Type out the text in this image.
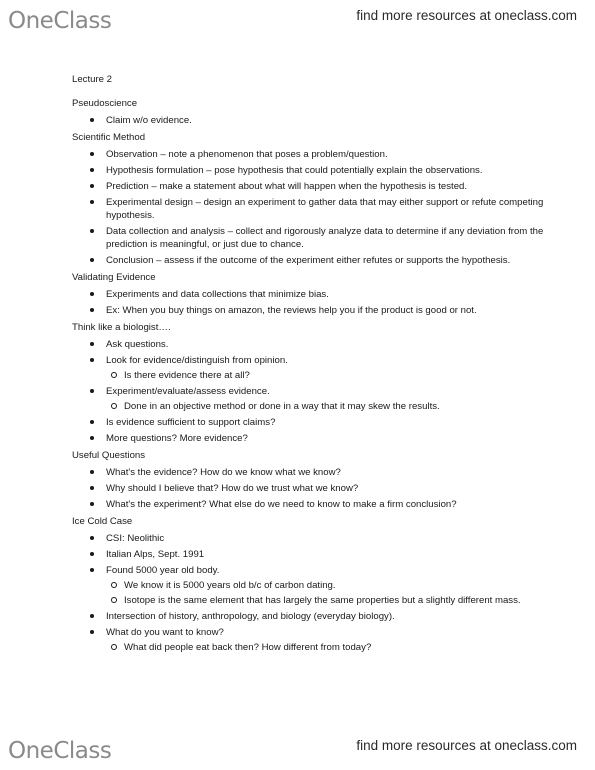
OneClass	find more resources at oneclass.com

Lecture 2

Pseudoscience

Claim w/o evidence.

Scientific Method

Observation – note a phenomenon that poses a problem/question.
Hypothesis formulation – pose hypothesis that could potentially explain the observations.
Prediction – make a statement about what will happen when the hypothesis is tested.
Experimental design – design an experiment to gather data that may either support or refute competing hypothesis.
Data collection and analysis – collect and rigorously analyze data to determine if any deviation from the prediction is meaningful, or just due to chance.
Conclusion – assess if the outcome of the experiment either refutes or supports the hypothesis.

Validating Evidence

Experiments and data collections that minimize bias.
Ex: When you buy things on amazon, the reviews help you if the product is good or not.

Think like a biologist….

Ask questions.
Look for evidence/distinguish from opinion.
Is there evidence there at all?
Experiment/evaluate/assess evidence.
Done in an objective method or done in a way that it may skew the results.
Is evidence sufficient to support claims?
More questions? More evidence?

Useful Questions

What's the evidence? How do we know what we know?
Why should I believe that? How do we trust what we know?
What's the experiment? What else do we need to know to make a firm conclusion?

Ice Cold Case

CSI: Neolithic
Italian Alps, Sept. 1991
Found 5000 year old body.
We know it is 5000 years old b/c of carbon dating.
Isotope is the same element that has largely the same properties but a slightly different mass.
Intersection of history, anthropology, and biology (everyday biology).
What do you want to know?
What did people eat back then? How different from today?
OneClass	find more resources at oneclass.com
